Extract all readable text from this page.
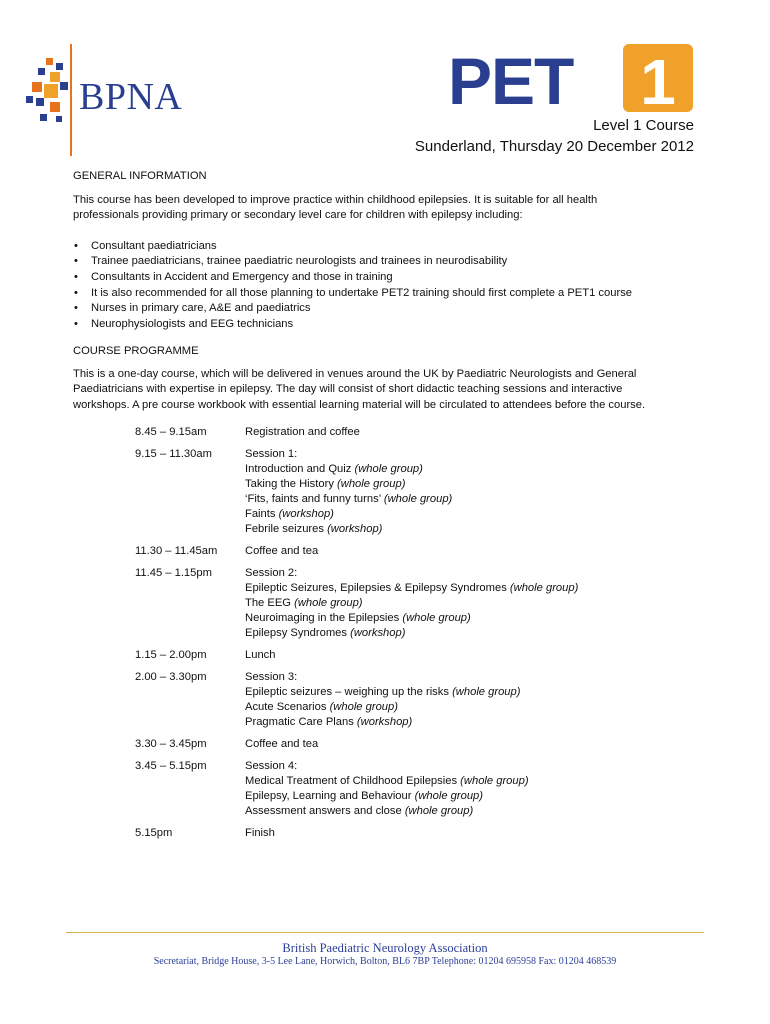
BPNA	PET 1
Level 1 Course
Sunderland, Thursday 20 December 2012
GENERAL INFORMATION
This course has been developed to improve practice within childhood epilepsies. It is suitable for all health
professionals providing primary or secondary level care for children with epilepsy including:
• Consultant paediatricians
• Trainee paediatricians, trainee paediatric neurologists and trainees in neurodisability
• Consultants in Accident and Emergency and those in training
• It is also recommended for all those planning to undertake PET2 training should first complete a PET1 course
• Nurses in primary care, A&E and paediatrics
• Neurophysiologists and EEG technicians
COURSE PROGRAMME
This is a one-day course, which will be delivered in venues around the UK by Paediatric Neurologists and General
Paediatricians with expertise in epilepsy. The day will consist of short didactic teaching sessions and interactive
workshops. A pre course workbook with essential learning material will be circulated to attendees before the course.
8.45 – 9.15am	Registration and coffee
9.15 – 11.30am	Session 1:
Introduction and Quiz (whole group)
Taking the History (whole group)
‘Fits, faints and funny turns’ (whole group)
Faints (workshop)
Febrile seizures (workshop)
11.30 – 11.45am	Coffee and tea
11.45 – 1.15pm	Session 2:
Epileptic Seizures, Epilepsies & Epilepsy Syndromes (whole group)
The EEG (whole group)
Neuroimaging in the Epilepsies (whole group)
Epilepsy Syndromes (workshop)
1.15 – 2.00pm	Lunch
2.00 – 3.30pm	Session 3:
Epileptic seizures – weighing up the risks (whole group)
Acute Scenarios (whole group)
Pragmatic Care Plans (workshop)
3.30 – 3.45pm	Coffee and tea
3.45 – 5.15pm	Session 4:
Medical Treatment of Childhood Epilepsies (whole group)
Epilepsy, Learning and Behaviour (whole group)
Assessment answers and close (whole group)
5.15pm	Finish
British Paediatric Neurology Association
Secretariat, Bridge House, 3-5 Lee Lane, Horwich, Bolton, BL6 7BP Telephone: 01204 695958 Fax: 01204 468539
